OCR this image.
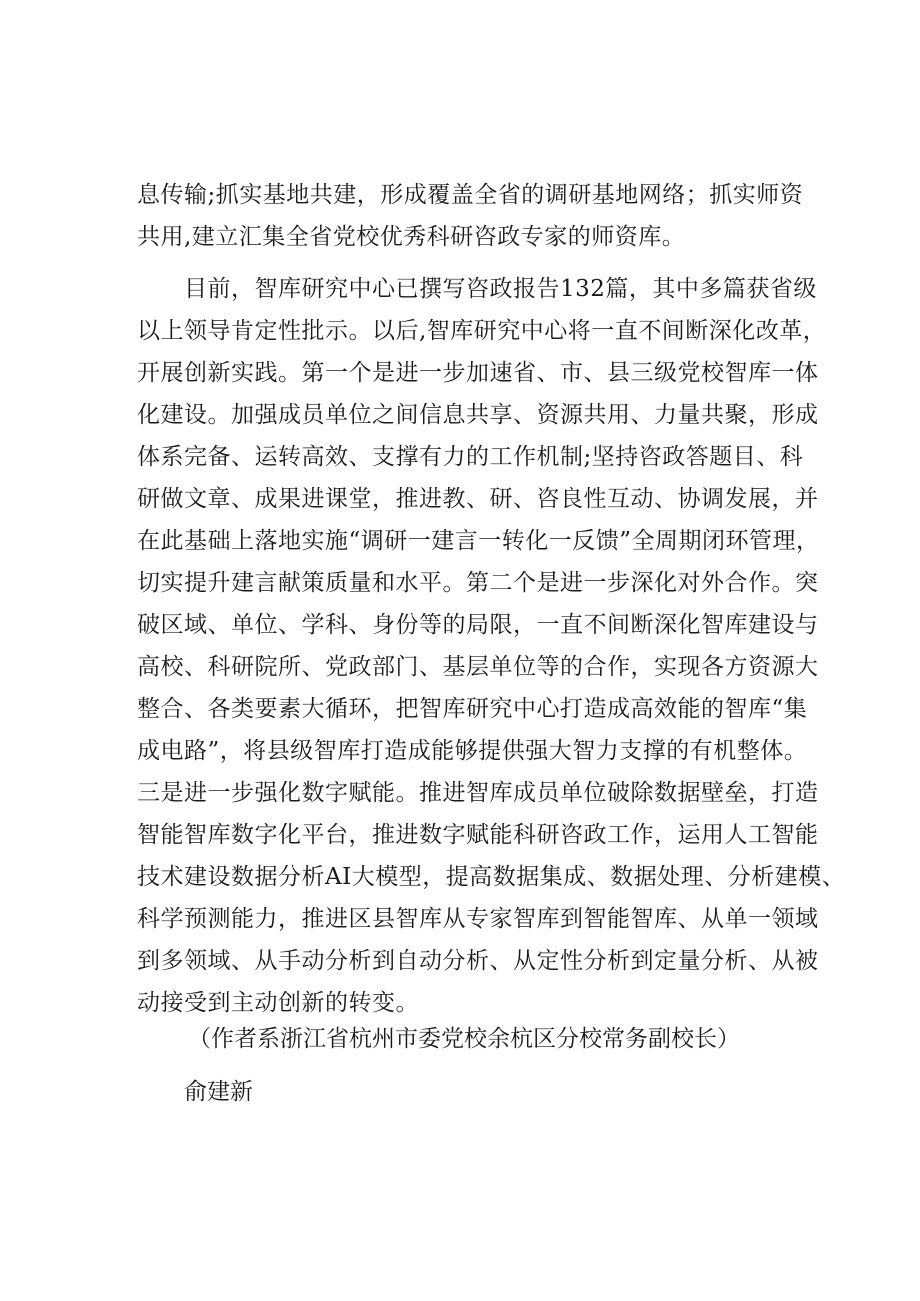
息传输;抓实基地共建，形成覆盖全省的调研基地网络；抓实师资
共用,建立汇集全省党校优秀科研咨政专家的师资库。
　　目前，智库研究中心已撰写咨政报告132篇，其中多篇获省级
以上领导肯定性批示。以后,智库研究中心将一直不间断深化改革，
开展创新实践。第一个是进一步加速省、市、县三级党校智库一体
化建设。加强成员单位之间信息共享、资源共用、力量共聚，形成
体系完备、运转高效、支撑有力的工作机制;坚持咨政答题目、科
研做文章、成果进课堂，推进教、研、咨良性互动、协调发展，并
在此基础上落地实施“调研一建言一转化一反馈”全周期闭环管理，
切实提升建言献策质量和水平。第二个是进一步深化对外合作。突
破区域、单位、学科、身份等的局限，一直不间断深化智库建设与
高校、科研院所、党政部门、基层单位等的合作，实现各方资源大
整合、各类要素大循环，把智库研究中心打造成高效能的智库“集
成电路”，将县级智库打造成能够提供强大智力支撑的有机整体。
三是进一步强化数字赋能。推进智库成员单位破除数据壁垒，打造
智能智库数字化平台，推进数字赋能科研咨政工作，运用人工智能
技术建设数据分析AI大模型，提高数据集成、数据处理、分析建模、
科学预测能力，推进区县智库从专家智库到智能智库、从单一领域
到多领域、从手动分析到自动分析、从定性分析到定量分析、从被
动接受到主动创新的转变。
（作者系浙江省杭州市委党校余杭区分校常务副校长）
俞建新
